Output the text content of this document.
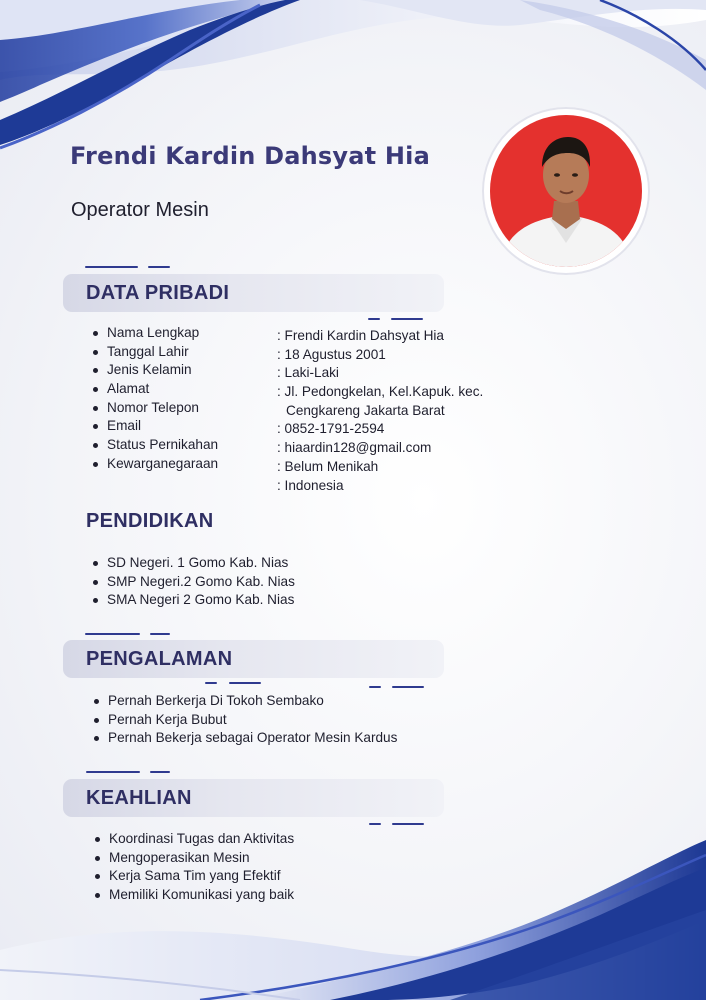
Frendi Kardin Dahsyat Hia
Operator Mesin
DATA PRIBADI
Nama Lengkap
Tanggal Lahir
Jenis Kelamin
Alamat
Nomor Telepon
Email
Status Pernikahan
Kewarganegaraan
: Frendi Kardin Dahsyat Hia
: 18 Agustus 2001
: Laki-Laki
: Jl. Pedongkelan, Kel.Kapuk. kec.
Cengkareng Jakarta Barat
: 0852-1791-2594
: hiaardin128@gmail.com
: Belum Menikah
: Indonesia
PENDIDIKAN
SD Negeri. 1 Gomo Kab. Nias
SMP Negeri.2 Gomo Kab. Nias
SMA Negeri 2 Gomo Kab. Nias
PENGALAMAN
Pernah Berkerja Di Tokoh Sembako
Pernah Kerja Bubut
Pernah Bekerja sebagai Operator Mesin Kardus
KEAHLIAN
Koordinasi Tugas dan Aktivitas
Mengoperasikan Mesin
Kerja Sama Tim yang Efektif
Memiliki Komunikasi yang baik
